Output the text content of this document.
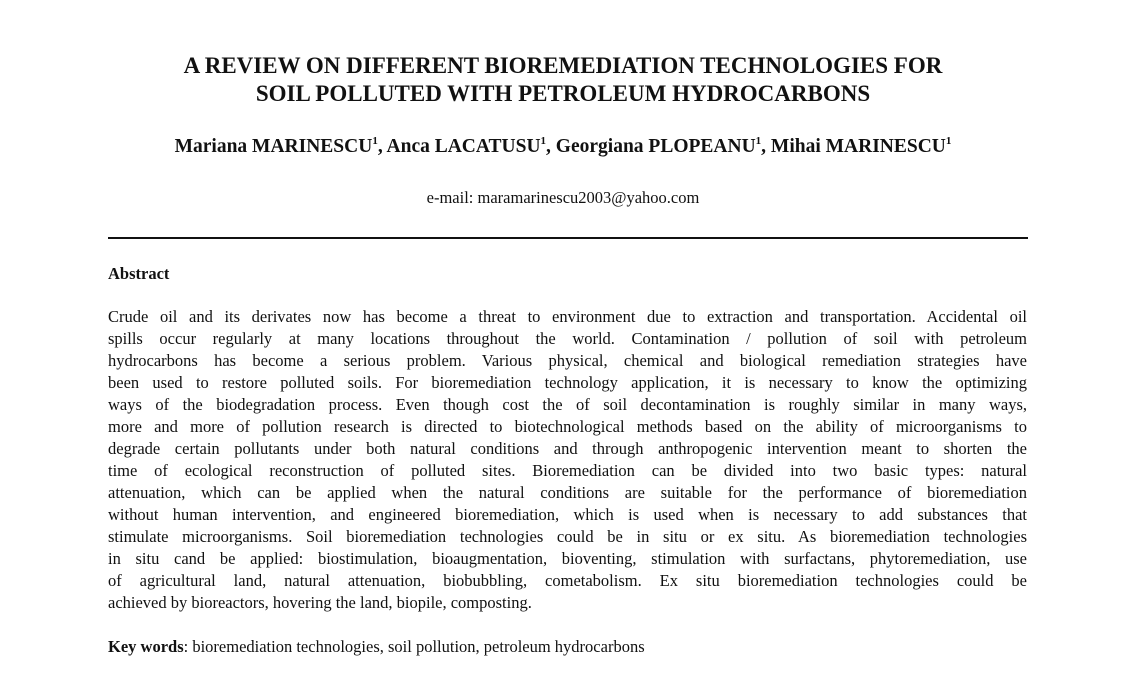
A REVIEW ON DIFFERENT BIOREMEDIATION TECHNOLOGIES FOR
SOIL POLLUTED WITH PETROLEUM HYDROCARBONS
Mariana MARINESCU$^1$, Anca LACATUSU$^1$, Georgiana PLOPEANU$^1$, Mihai MARINESCU$^1$
e-mail: maramarinescu2003@yahoo.com
Abstract
Crude oil and its derivates now has become a threat to environment due to extraction and transportation. Accidental oil
spills occur regularly at many locations throughout the world. Contamination / pollution of soil with petroleum
hydrocarbons has become a serious problem. Various physical, chemical and biological remediation strategies have
been used to restore polluted soils. For bioremediation technology application, it is necessary to know the optimizing
ways of the biodegradation process. Even though cost the of soil decontamination is roughly similar in many ways,
more and more of pollution research is directed to biotechnological methods based on the ability of microorganisms to
degrade certain pollutants under both natural conditions and through anthropogenic intervention meant to shorten the
time of ecological reconstruction of polluted sites. Bioremediation can be divided into two basic types: natural
attenuation, which can be applied when the natural conditions are suitable for the performance of bioremediation
without human intervention, and engineered bioremediation, which is used when is necessary to add substances that
stimulate microorganisms. Soil bioremediation technologies could be in situ or ex situ. As bioremediation technologies
in situ cand be applied: biostimulation, bioaugmentation, bioventing, stimulation with surfactans, phytoremediation, use
of agricultural land, natural attenuation, biobubbling, cometabolism. Ex situ bioremediation technologies could be
achieved by bioreactors, hovering the land, biopile, composting.
Key words: bioremediation technologies, soil pollution, petroleum hydrocarbons
